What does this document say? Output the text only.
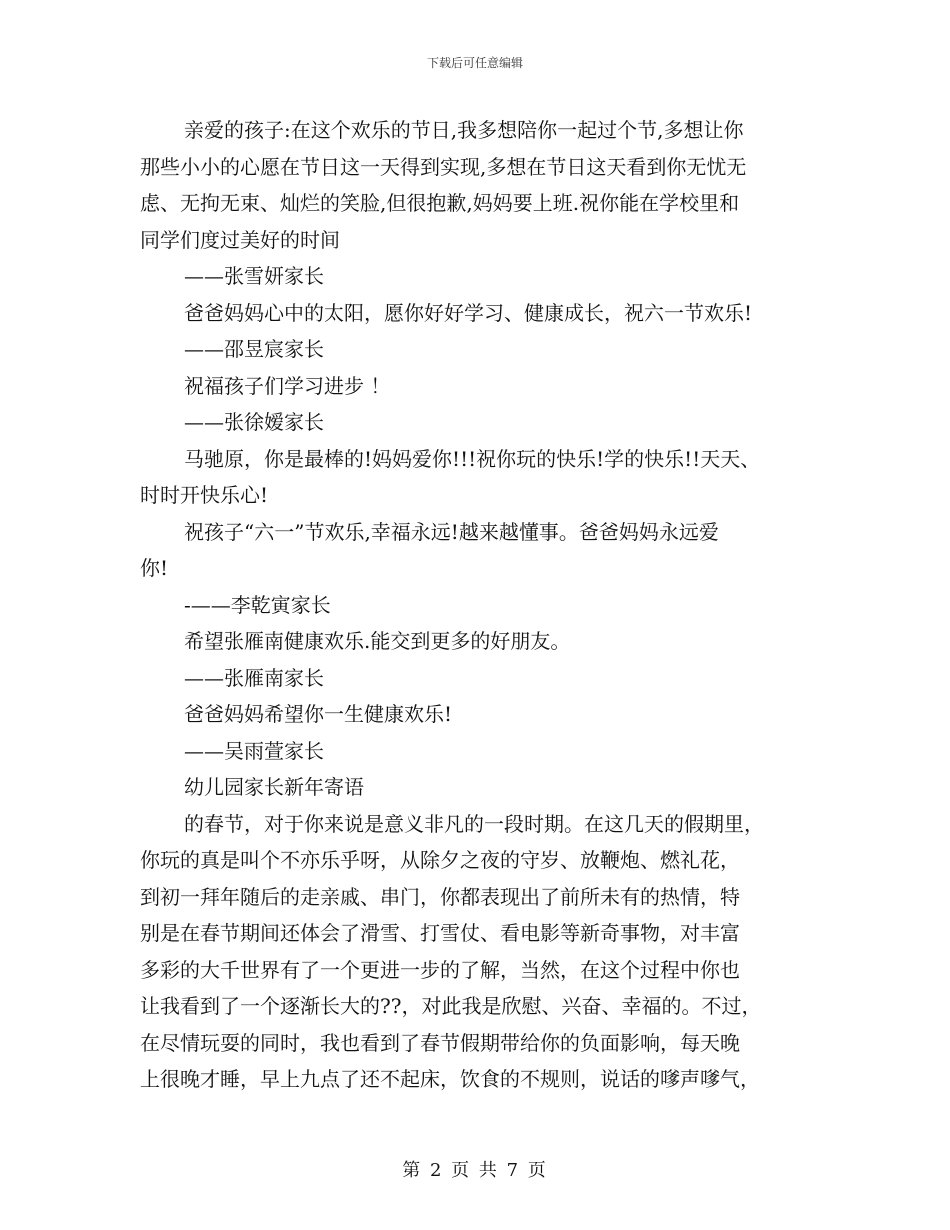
下载后可任意编辑
亲爱的孩子:在这个欢乐的节日,我多想陪你一起过个节,多想让你
那些小小的心愿在节日这一天得到实现,多想在节日这天看到你无忧无
虑、无拘无束、灿烂的笑脸,但很抱歉,妈妈要上班.祝你能在学校里和
同学们度过美好的时间
——张雪妍家长
爸爸妈妈心中的太阳，愿你好好学习、健康成长，祝六一节欢乐!
——邵昱宸家长
祝福孩子们学习进步 ！
——张徐嫒家长
马驰原，你是最棒的!妈妈爱你!!!祝你玩的快乐!学的快乐!!天天、
时时开快乐心!
祝孩子“六一”节欢乐,幸福永远!越来越懂事。爸爸妈妈永远爱
你!
-——李乾寅家长
希望张雁南健康欢乐.能交到更多的好朋友。
——张雁南家长
爸爸妈妈希望你一生健康欢乐!
——吴雨萱家长
幼儿园家长新年寄语
的春节，对于你来说是意义非凡的一段时期。在这几天的假期里，
你玩的真是叫个不亦乐乎呀，从除夕之夜的守岁、放鞭炮、燃礼花，
到初一拜年随后的走亲戚、串门，你都表现出了前所未有的热情，特
别是在春节期间还体会了滑雪、打雪仗、看电影等新奇事物，对丰富
多彩的大千世界有了一个更进一步的了解，当然，在这个过程中你也
让我看到了一个逐渐长大的??，对此我是欣慰、兴奋、幸福的。不过，
在尽情玩耍的同时，我也看到了春节假期带给你的负面影响，每天晚
上很晚才睡，早上九点了还不起床，饮食的不规则，说话的嗲声嗲气，
第 2 页 共 7 页
